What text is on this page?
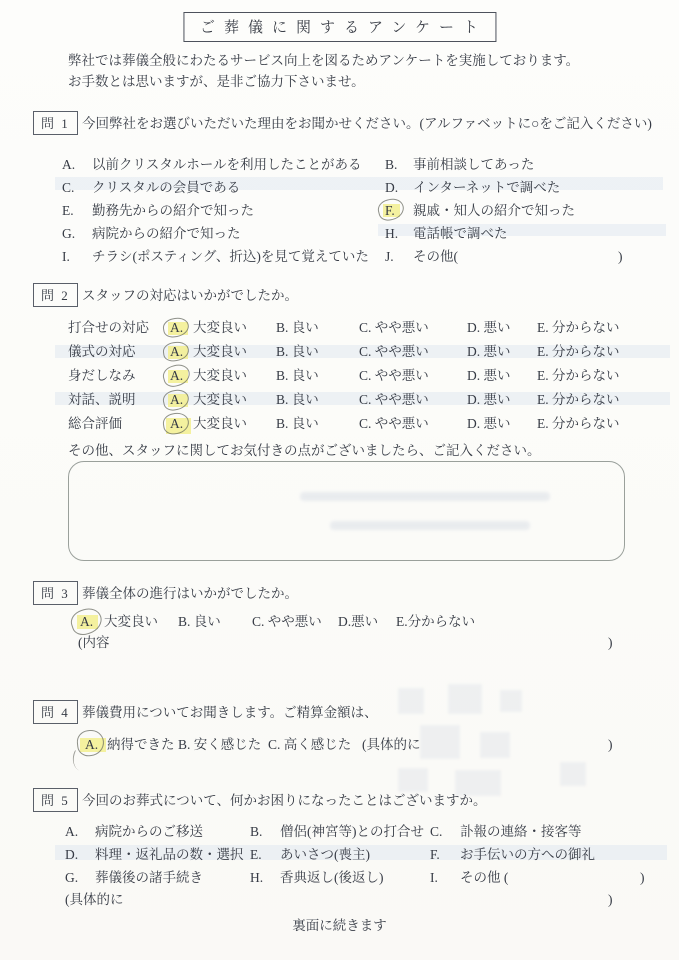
ご葬儀に関するアンケート
弊社では葬儀全般にわたるサービス向上を図るためアンケートを実施しております。
お手数とは思いますが、是非ご協力下さいませ。
問 1 今回弊社をお選びいただいた理由をお聞かせください。(アルファベットに○をご記入ください)
A. 以前クリスタルホールを利用したことがある B. 事前相談してあった
C. クリスタルの会員である	D. インターネットで調べた
E. 勤務先からの紹介で知った	F. 親戚・知人の紹介で知った
G. 病院からの紹介で知った	H. 電話帳で調べた
I. チラシ(ポスティング、折込)を見て覚えていた J. その他(	)
問 2 スタッフの対応はいかがでしたか。
打合せの対応 A. 大変良い B. 良い	C. やや悪い	D. 悪い E. 分からない
儀式の対応	A. 大変良い B. 良い	C. やや悪い	D. 悪い E. 分からない
身だしなみ	A. 大変良い B. 良い	C. やや悪い	D. 悪い E. 分からない
対話、説明	A. 大変良い B. 良い	C. やや悪い	D. 悪い E. 分からない
総合評価	A. 大変良い B. 良い	C. やや悪い	D. 悪い E. 分からない
その他、スタッフに関してお気付きの点がございましたら、ご記入ください。
問 3 葬儀全体の進行はいかがでしたか。
A. 大変良い B. 良い C. やや悪い D.悪い E.分からない
(内容	)
問 4 葬儀費用についてお聞きします。ご精算金額は、
A. 納得できた B. 安く感じた C. 高く感じた (具体的に	)
問 5 今回のお葬式について、何かお困りになったことはございますか。
A. 病院からのご移送	B. 僧侶(神宮等)との打合せ C. 訃報の連絡・接客等
D. 料理・返礼品の数・選択 E. あいさつ(喪主)	F. お手伝いの方への御礼
G. 葬儀後の諸手続き	H. 香典返し(後返し)	I. その他 (	)
(具体的に	)
裏面に続きます
